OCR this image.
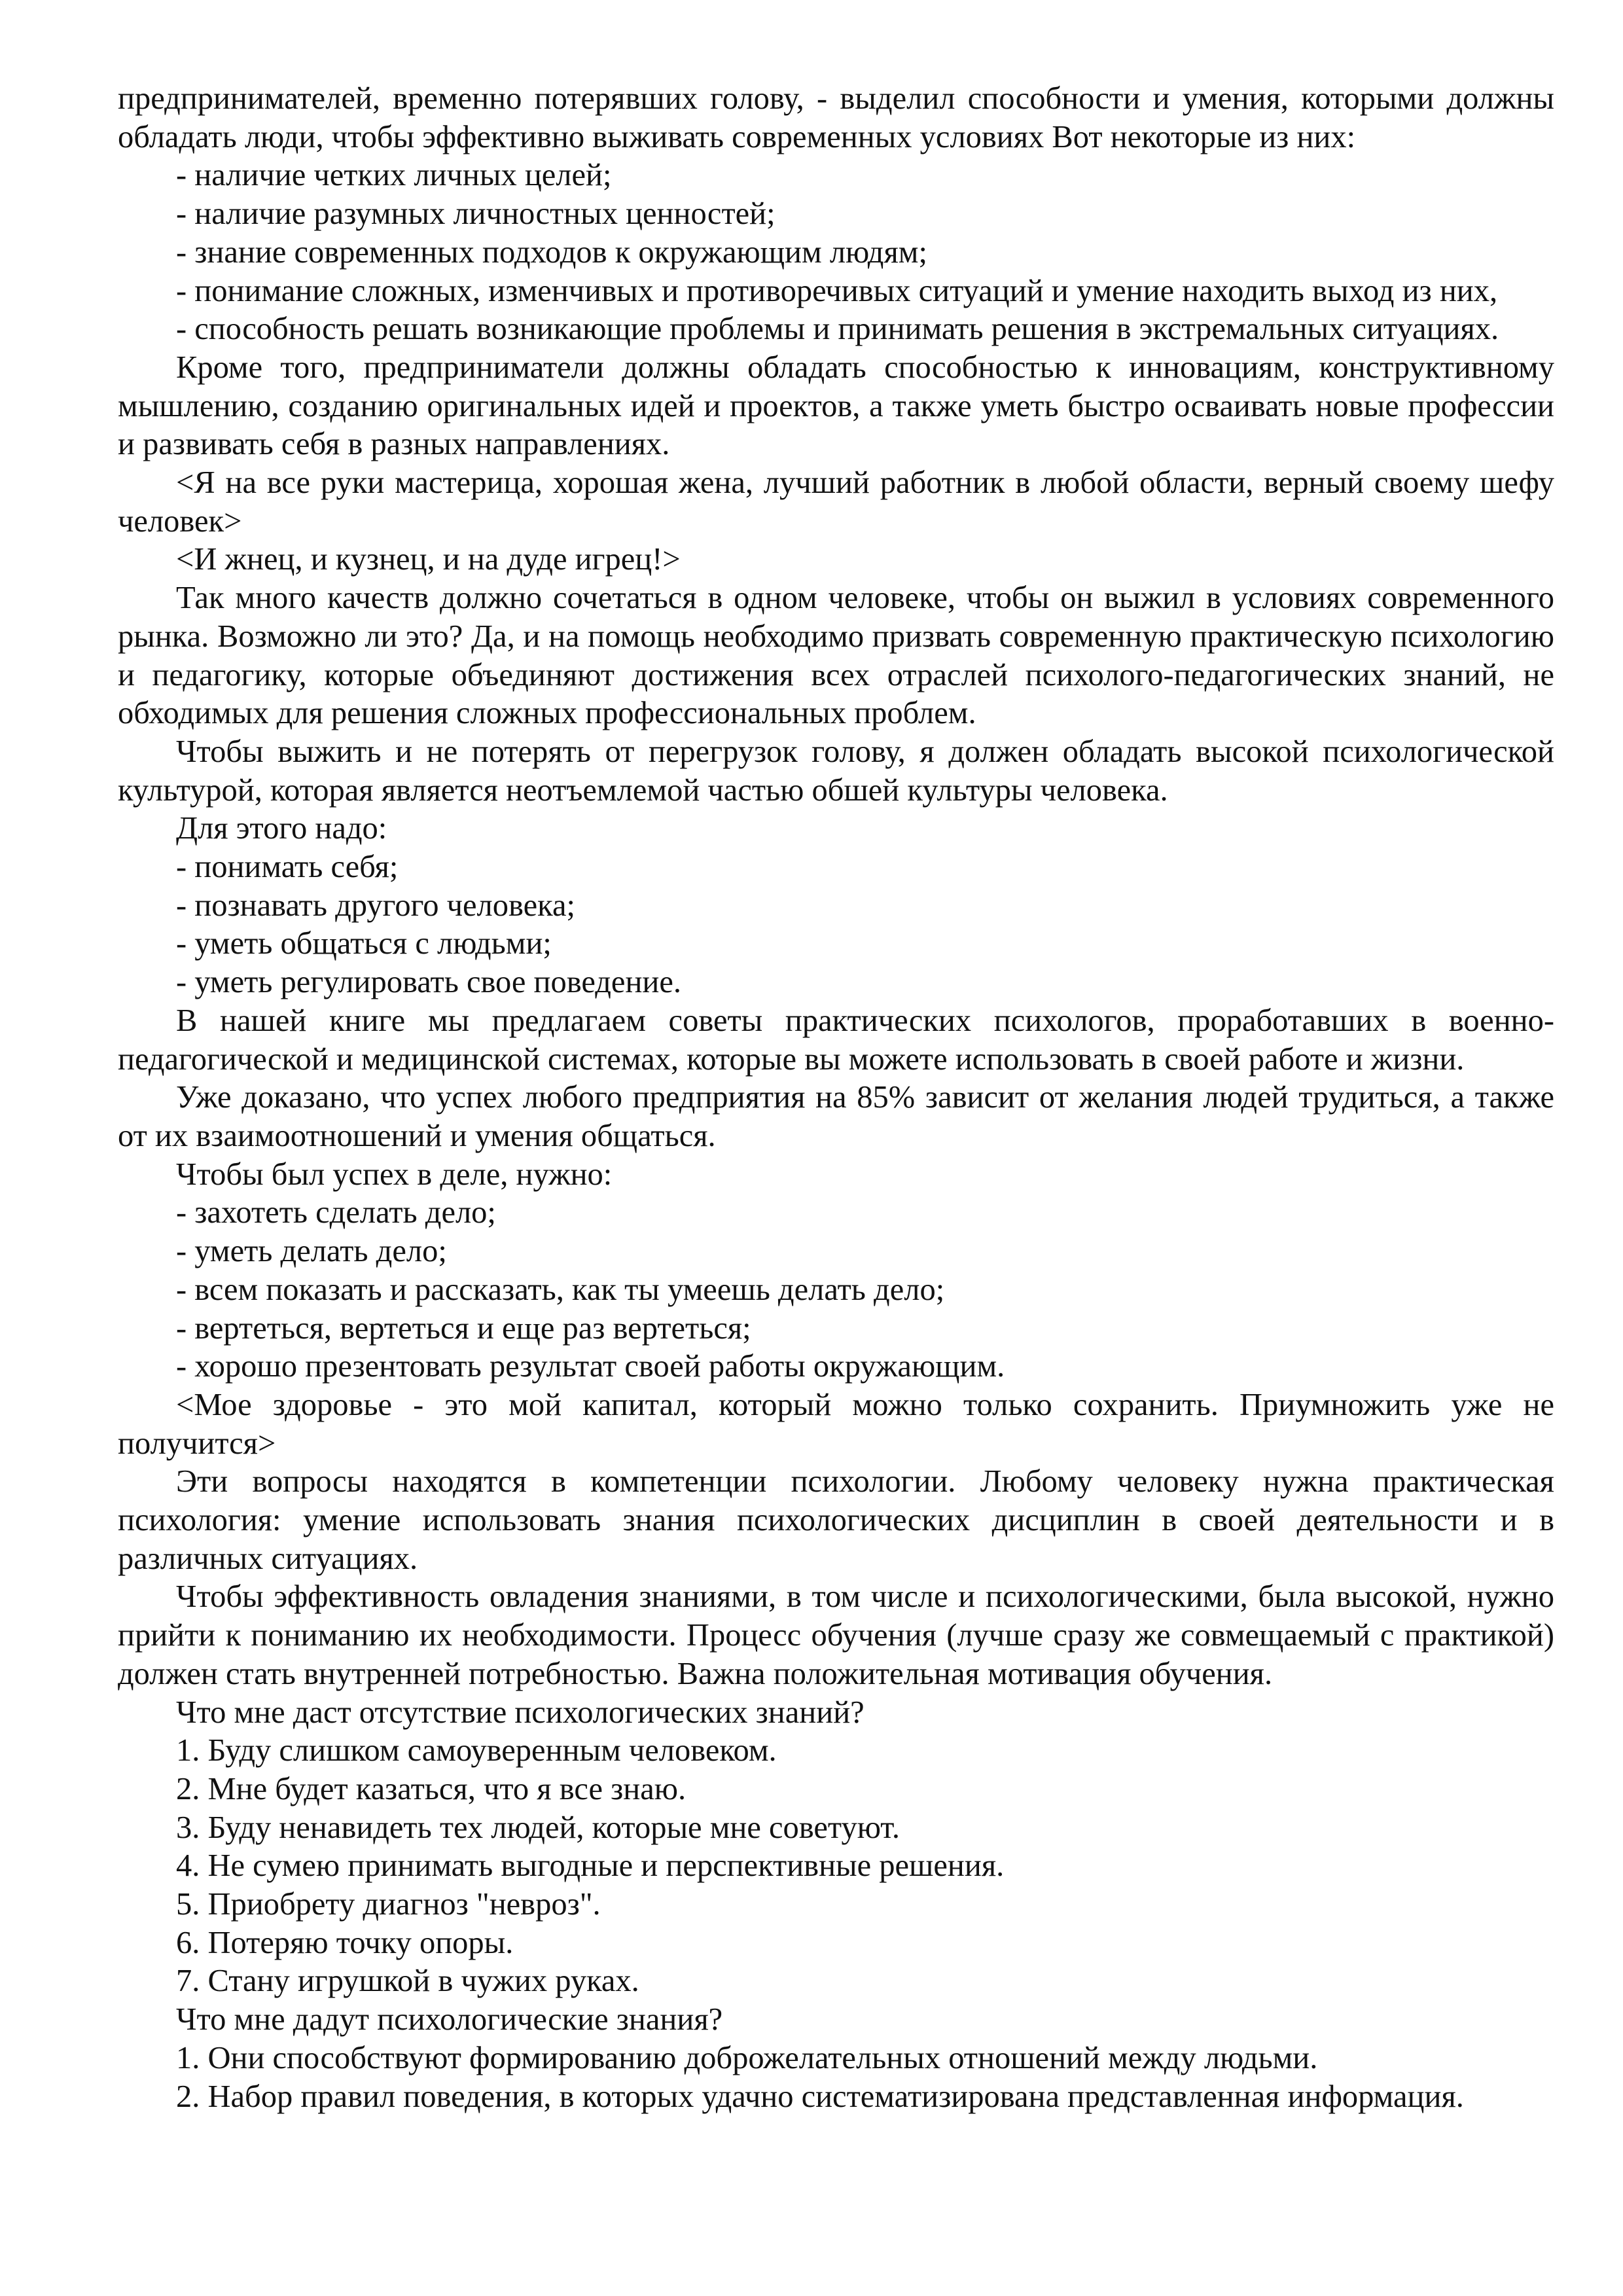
предпринимателей, временно потерявших голову, - выделил способности и умения, которыми должны обладать люди, чтобы эффективно выживать современных условиях Вот некоторые из них:

- наличие четких личных целей;

- наличие разумных личностных ценностей;

- знание современных подходов к окружающим людям;

- понимание сложных, изменчивых и противоречивых ситуаций и умение находить выход из них,

- способность решать возникающие проблемы и принимать решения в экстремальных ситуациях.

Кроме того, предприниматели должны обладать способностью к инновациям, конструктивному мышлению, созданию оригинальных идей и проектов, а также уметь быстро осваивать новые профессии и развивать себя в разных направлениях.

<Я на все руки мастерица, хорошая жена, лучший работник в любой области, верный своему шефу человек>

<И жнец, и кузнец, и на дуде игрец!>

Так много качеств должно сочетаться в одном человеке, чтобы он выжил в условиях современного рынка. Возможно ли это? Да, и на помощь необходимо призвать современную практическую психологию и педагогику, которые объединяют достижения всех отраслей психолого-педагогических знаний, не обходимых для решения сложных профессиональных проблем.

Чтобы выжить и не потерять от перегрузок голову, я должен обладать высокой психологической культурой, которая является неотъемлемой частью обшей культуры человека.

Для этого надо:

- понимать себя;

- познавать другого человека;

- уметь общаться с людьми;

- уметь регулировать свое поведение.

В нашей книге мы предлагаем советы практических психологов, проработавших в военно-педагогической и медицинской системах, которые вы можете использовать в своей работе и жизни.

Уже доказано, что успех любого предприятия на 85% зависит от желания людей трудиться, а также от их взаимоотношений и умения общаться.

Чтобы был успех в деле, нужно:

- захотеть сделать дело;

- уметь делать дело;

- всем показать и рассказать, как ты умеешь делать дело;

- вертеться, вертеться и еще раз вертеться;

- хорошо презентовать результат своей работы окружающим.

<Мое здоровье - это мой капитал, который можно только сохранить. Приумножить уже не получится>

Эти вопросы находятся в компетенции психологии. Любому человеку нужна практическая психология: умение использовать знания психологических дисциплин в своей деятельности и в различных ситуациях.

Чтобы эффективность овладения знаниями, в том числе и психологическими, была высокой, нужно прийти к пониманию их необходимости. Процесс обучения (лучше сразу же совмещаемый с практикой) должен стать внутренней потребностью. Важна положительная мотивация обучения.

Что мне даст отсутствие психологических знаний?

1. Буду слишком самоуверенным человеком.

2. Мне будет казаться, что я все знаю.

3. Буду ненавидеть тех людей, которые мне советуют.

4. Не сумею принимать выгодные и перспективные решения.

5. Приобрету диагноз "невроз".

6. Потеряю точку опоры.

7. Стану игрушкой в чужих руках.

Что мне дадут психологические знания?

1. Они способствуют формированию доброжелательных отношений между людьми.

2. Набор правил поведения, в которых удачно систематизирована представленная информация.
